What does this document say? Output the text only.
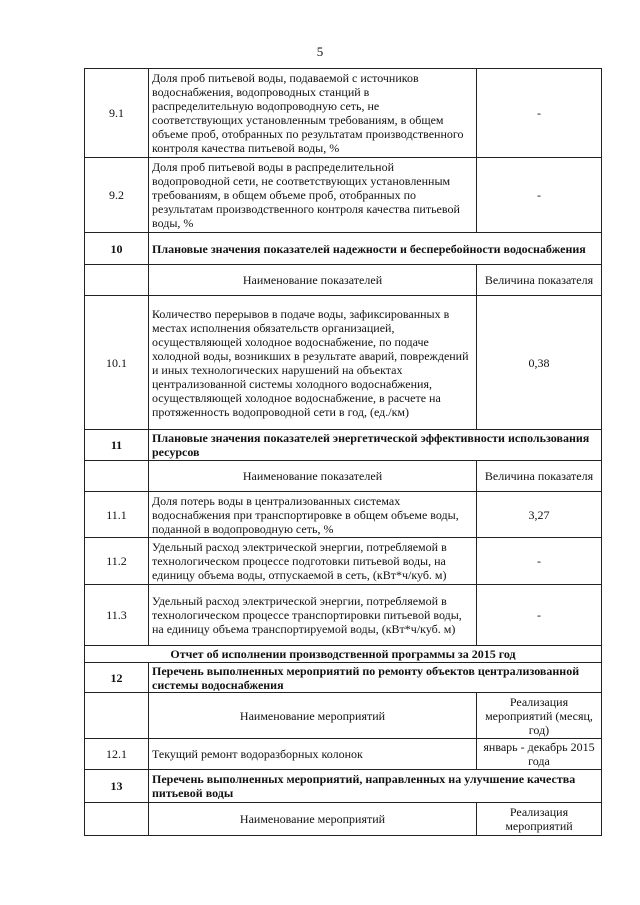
5
9.1	Доля проб питьевой воды, подаваемой с источников водоснабжения, водопроводных станций в распределительную водопроводную сеть, не соответствующих установленным требованиям, в общем объеме проб, отобранных по результатам производственного контроля качества питьевой воды, %	-
9.2	Доля проб питьевой воды в распределительной водопроводной сети, не соответствующих установленным требованиям, в общем объеме проб, отобранных по результатам производственного контроля качества питьевой воды, %	-
10	Плановые значения показателей надежности и бесперебойности водоснабжения	
	Наименование показателей	Величина показателя
10.1	Количество перерывов в подаче воды, зафиксированных в местах исполнения обязательств организацией, осуществляющей холодное водоснабжение, по подаче холодной воды, возникших в результате аварий, повреждений и иных технологических нарушений на объектах централизованной системы холодного водоснабжения, осуществляющей холодное водоснабжение, в расчете на протяженность водопроводной сети в год, (ед./км)	0,38
11	Плановые значения показателей энергетической эффективности использования ресурсов	
	Наименование показателей	Величина показателя
11.1	Доля потерь воды в централизованных системах водоснабжения при транспортировке в общем объеме воды, поданной в водопроводную сеть, %	3,27
11.2	Удельный расход электрической энергии, потребляемой в технологическом процессе подготовки питьевой воды, на единицу объема воды, отпускаемой в сеть, (кВт*ч/куб. м)	-
11.3	Удельный расход электрической энергии, потребляемой в технологическом процессе транспортировки питьевой воды, на единицу объема транспортируемой воды, (кВт*ч/куб. м)	-
Отчет об исполнении производственной программы за 2015 год		
12	Перечень выполненных мероприятий по ремонту объектов централизованной системы водоснабжения	
	Наименование мероприятий	Реализация мероприятий (месяц, год)
12.1	Текущий ремонт водоразборных колонок	январь - декабрь 2015 года
13	Перечень выполненных мероприятий, направленных на улучшение качества питьевой воды	
	Наименование мероприятий	Реализация мероприятий
